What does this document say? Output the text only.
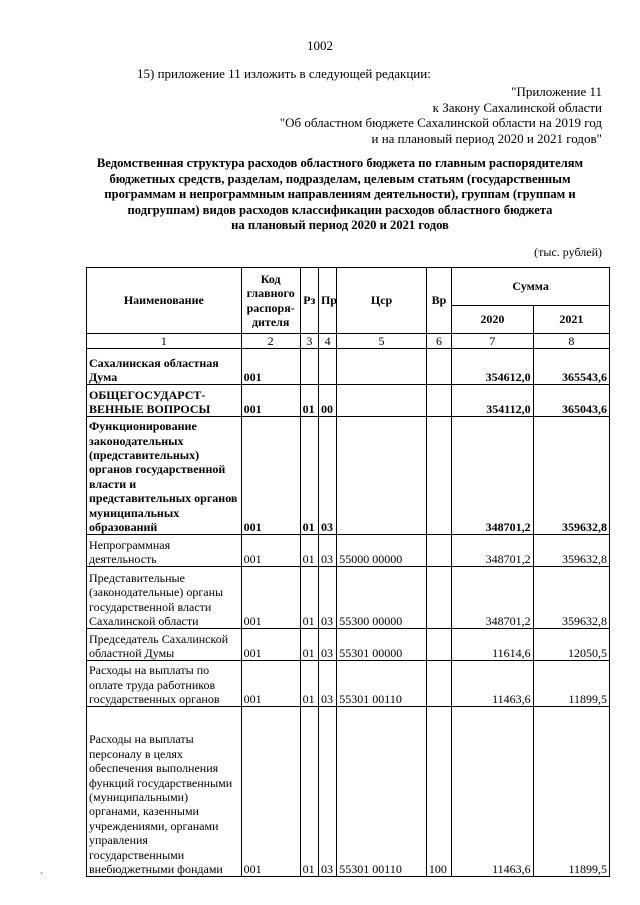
1002
15) приложение 11 изложить в следующей редакции:
"Приложение 11
к Закону Сахалинской области
"Об областном бюджете Сахалинской области на 2019 год
и на плановый период 2020 и 2021 годов"
Ведомственная структура расходов областного бюджета по главным распорядителям
бюджетных средств, разделам, подразделам, целевым статьям (государственным
программам и непрограммным направлениям деятельности), группам (группам и
подгруппам) видов расходов классификации расходов областного бюджета
на плановый период 2020 и 2021 годов
(тыс. рублей)
Наименование	Код главного распоря-дителя	Рз	Пр	Цср	Вр	Сумма	
						2020	2021
1	2	3	4	5	6	7	8
Сахалинская областная Дума	001					354612,0	365543,6
ОБЩЕГОСУДАРСТ-ВЕННЫЕ ВОПРОСЫ	001	01	00			354112,0	365043,6
Функционирование законодательных (представительных) органов государственной власти и представительных органов муниципальных образований	001	01	03			348701,2	359632,8
Непрограммная деятельность	001	01	03	55000 00000		348701,2	359632,8
Представительные (законодательные) органы государственной власти Сахалинской области	001	01	03	55300 00000		348701,2	359632,8
Председатель Сахалинской областной Думы	001	01	03	55301 00000		11614,6	12050,5
Расходы на выплаты по оплате труда работников государственных органов	001	01	03	55301 00110		11463,6	11899,5
Расходы на выплаты персоналу в целях обеспечения выполнения функций государственными (муниципальными) органами, казенными учреждениями, органами управления государственными внебюджетными фондами	001	01	03	55301 00110	100	11463,6	11899,5
`
